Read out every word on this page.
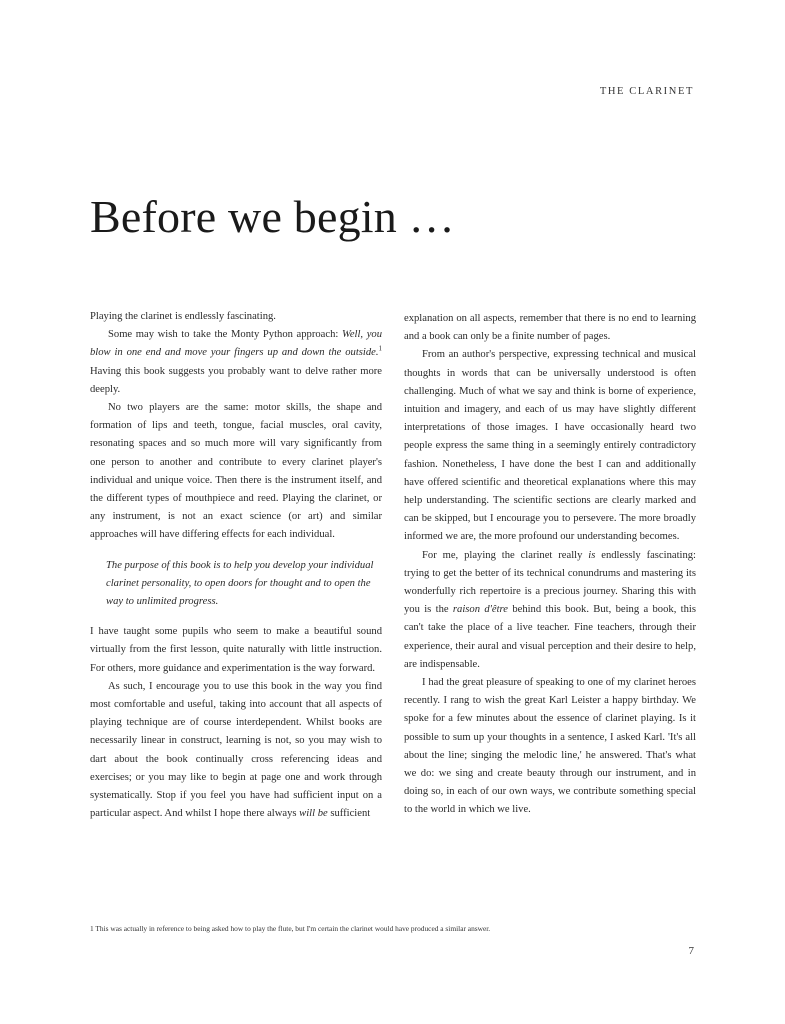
THE CLARINET
Before we begin …

Playing the clarinet is endlessly fascinating.

Some may wish to take the Monty Python approach: Well, you blow in one end and move your fingers up and down the outside.$^1$ Having this book suggests you probably want to delve rather more deeply.

No two players are the same: motor skills, the shape and formation of lips and teeth, tongue, facial muscles, oral cavity, resonating spaces and so much more will vary significantly from one person to another and contribute to every clarinet player's individual and unique voice. Then there is the instrument itself, and the different types of mouthpiece and reed. Playing the clarinet, or any instrument, is not an exact science (or art) and similar approaches will have differing effects for each individual.

The purpose of this book is to help you develop your individual clarinet personality, to open doors for thought and to open the way to unlimited progress.

I have taught some pupils who seem to make a beautiful sound virtually from the first lesson, quite naturally with little instruction. For others, more guidance and experimentation is the way forward.

As such, I encourage you to use this book in the way you find most comfortable and useful, taking into account that all aspects of playing technique are of course interdependent. Whilst books are necessarily linear in construct, learning is not, so you may wish to dart about the book continually cross referencing ideas and exercises; or you may like to begin at page one and work through systematically. Stop if you feel you have had sufficient input on a particular aspect. And whilst I hope there always will be sufficient

explanation on all aspects, remember that there is no end to learning and a book can only be a finite number of pages.

From an author's perspective, expressing technical and musical thoughts in words that can be universally understood is often challenging. Much of what we say and think is borne of experience, intuition and imagery, and each of us may have slightly different interpretations of those images. I have occasionally heard two people express the same thing in a seemingly entirely contradictory fashion. Nonetheless, I have done the best I can and additionally have offered scientific and theoretical explanations where this may help understanding. The scientific sections are clearly marked and can be skipped, but I encourage you to persevere. The more broadly informed we are, the more profound our understanding becomes.

For me, playing the clarinet really is endlessly fascinating: trying to get the better of its technical conundrums and mastering its wonderfully rich repertoire is a precious journey. Sharing this with you is the raison d'être behind this book. But, being a book, this can't take the place of a live teacher. Fine teachers, through their experience, their aural and visual perception and their desire to help, are indispensable.

I had the great pleasure of speaking to one of my clarinet heroes recently. I rang to wish the great Karl Leister a happy birthday. We spoke for a few minutes about the essence of clarinet playing. Is it possible to sum up your thoughts in a sentence, I asked Karl. 'It's all about the line; singing the melodic line,' he answered. That's what we do: we sing and create beauty through our instrument, and in doing so, in each of our own ways, we contribute something special to the world in which we live.

1 This was actually in reference to being asked how to play the flute, but I'm certain the clarinet would have produced a similar answer.
7
